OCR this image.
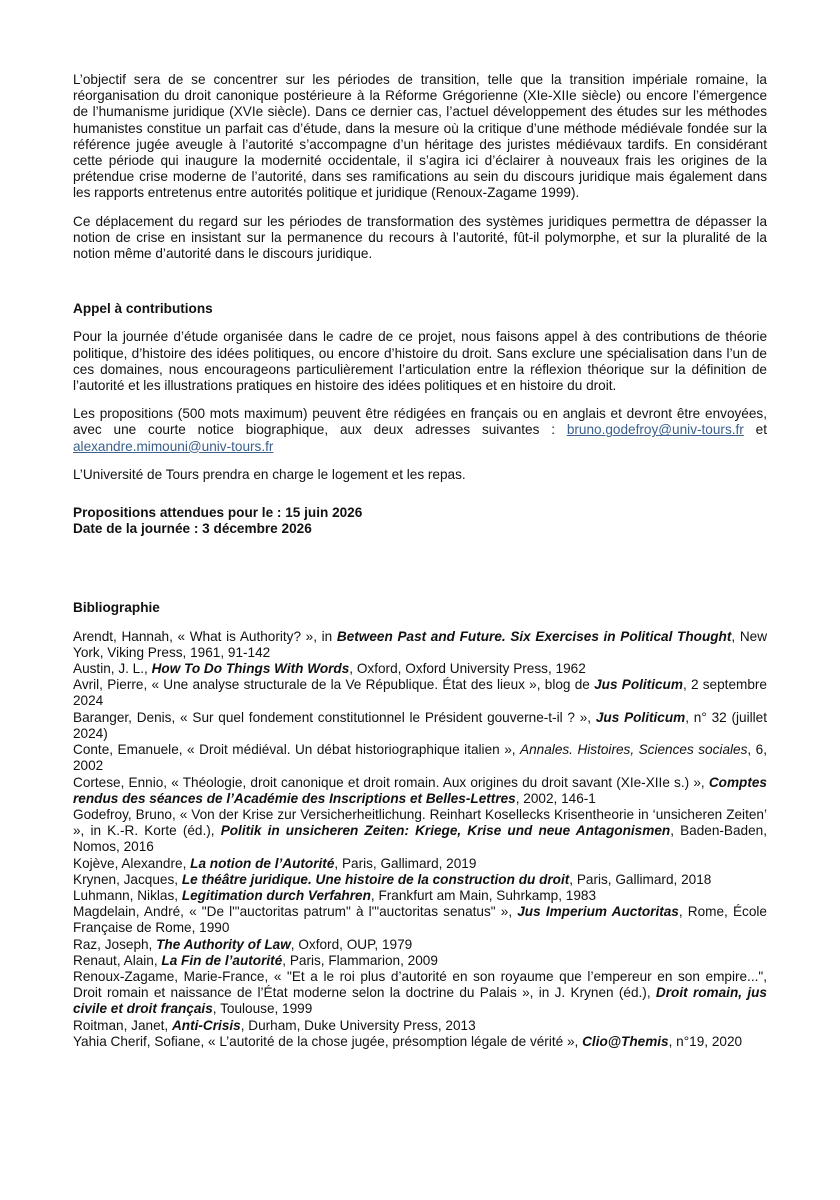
L’objectif sera de se concentrer sur les périodes de transition, telle que la transition impériale romaine, la réorganisation du droit canonique postérieure à la Réforme Grégorienne (XIe-XIIe siècle) ou encore l’émergence de l’humanisme juridique (XVIe siècle). Dans ce dernier cas, l’actuel développement des études sur les méthodes humanistes constitue un parfait cas d’étude, dans la mesure où la critique d’une méthode médiévale fondée sur la référence jugée aveugle à l’autorité s’accompagne d’un héritage des juristes médiévaux tardifs. En considérant cette période qui inaugure la modernité occidentale, il s’agira ici d’éclairer à nouveaux frais les origines de la prétendue crise moderne de l’autorité, dans ses ramifications au sein du discours juridique mais également dans les rapports entretenus entre autorités politique et juridique (Renoux-Zagame 1999).

Ce déplacement du regard sur les périodes de transformation des systèmes juridiques permettra de dépasser la notion de crise en insistant sur la permanence du recours à l’autorité, fût-il polymorphe, et sur la pluralité de la notion même d’autorité dans le discours juridique.

Appel à contributions

Pour la journée d’étude organisée dans le cadre de ce projet, nous faisons appel à des contributions de théorie politique, d’histoire des idées politiques, ou encore d’histoire du droit. Sans exclure une spécialisation dans l’un de ces domaines, nous encourageons particulièrement l’articulation entre la réflexion théorique sur la définition de l’autorité et les illustrations pratiques en histoire des idées politiques et en histoire du droit.

Les propositions (500 mots maximum) peuvent être rédigées en français ou en anglais et devront être envoyées, avec une courte notice biographique, aux deux adresses suivantes : bruno.godefroy@univ-tours.fr et alexandre.mimouni@univ-tours.fr

L’Université de Tours prendra en charge le logement et les repas.

Propositions attendues pour le : 15 juin 2026

Date de la journée : 3 décembre 2026

Bibliographie

Arendt, Hannah, « What is Authority? », in Between Past and Future. Six Exercises in Political Thought, New York, Viking Press, 1961, 91-142

Austin, J. L., How To Do Things With Words, Oxford, Oxford University Press, 1962

Avril, Pierre, « Une analyse structurale de la Ve République. État des lieux », blog de Jus Politicum, 2 septembre 2024

Baranger, Denis, « Sur quel fondement constitutionnel le Président gouverne-t-il ? », Jus Politicum, n° 32 (juillet 2024)

Conte, Emanuele, « Droit médiéval. Un débat historiographique italien », Annales. Histoires, Sciences sociales, 6, 2002

Cortese, Ennio, « Théologie, droit canonique et droit romain. Aux origines du droit savant (XIe-XIIe s.) », Comptes rendus des séances de l’Académie des Inscriptions et Belles-Lettres, 2002, 146-1

Godefroy, Bruno, « Von der Krise zur Versicherheitlichung. Reinhart Kosellecks Krisentheorie in ‘unsicheren Zeiten’ », in K.-R. Korte (éd.), Politik in unsicheren Zeiten: Kriege, Krise und neue Antagonismen, Baden-Baden, Nomos, 2016

Kojève, Alexandre, La notion de l’Autorité, Paris, Gallimard, 2019

Krynen, Jacques, Le théâtre juridique. Une histoire de la construction du droit, Paris, Gallimard, 2018

Luhmann, Niklas, Legitimation durch Verfahren, Frankfurt am Main, Suhrkamp, 1983

Magdelain, André, « "De l'"auctoritas patrum" à l'"auctoritas senatus" », Jus Imperium Auctoritas, Rome, École Française de Rome, 1990

Raz, Joseph, The Authority of Law, Oxford, OUP, 1979

Renaut, Alain, La Fin de l’autorité, Paris, Flammarion, 2009

Renoux-Zagame, Marie-France, « "Et a le roi plus d’autorité en son royaume que l’empereur en son empire...", Droit romain et naissance de l’État moderne selon la doctrine du Palais », in J. Krynen (éd.), Droit romain, jus civile et droit français, Toulouse, 1999

Roitman, Janet, Anti-Crisis, Durham, Duke University Press, 2013

Yahia Cherif, Sofiane, « L’autorité de la chose jugée, présomption légale de vérité », Clio@Themis, n°19, 2020
